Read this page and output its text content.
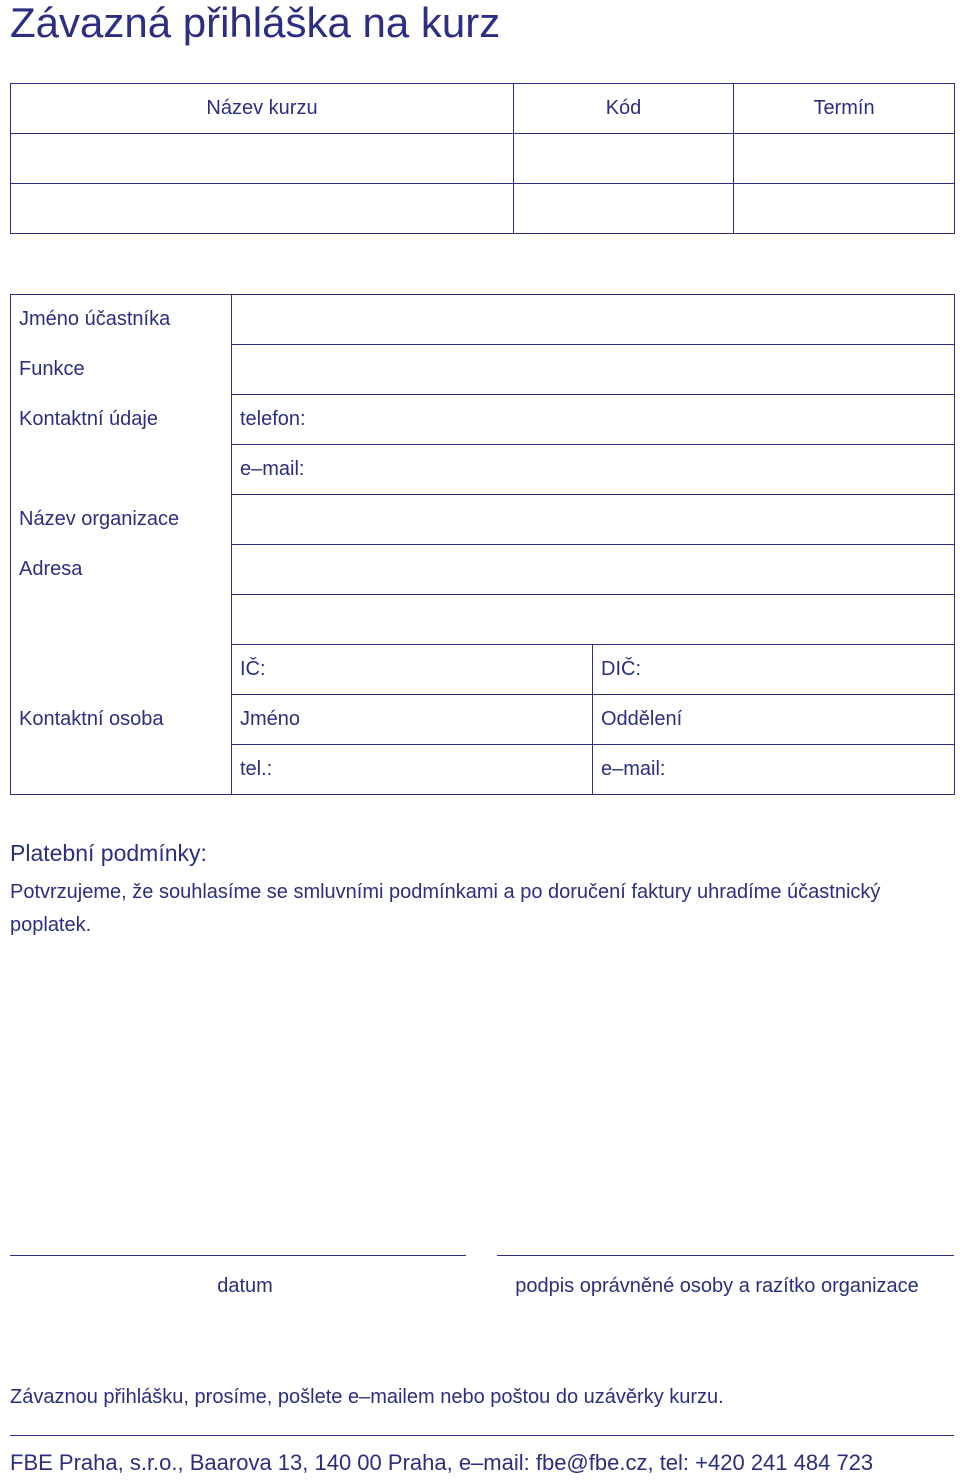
Závazná přihláška na kurz
Název kurzu	Kód	Termín

Jméno účastníka		
Funkce		
Kontaktní údaje	telefon:	
	e–mail:	
Název organizace		
Adresa		

	IČ:	DIČ:
Kontaktní osoba	Jméno	Oddělení
	tel.:	e–mail:
Platební podmínky:
Potvrzujeme, že souhlasíme se smluvními podmínkami a po doručení faktury uhradíme účastnický poplatek.
datum	podpis oprávněné osoby a razítko organizace
Závaznou přihlášku, prosíme, pošlete e–mailem nebo poštou do uzávěrky kurzu.
FBE Praha, s.r.o., Baarova 13, 140 00 Praha, e–mail: fbe@fbe.cz, tel: +420 241 484 723
